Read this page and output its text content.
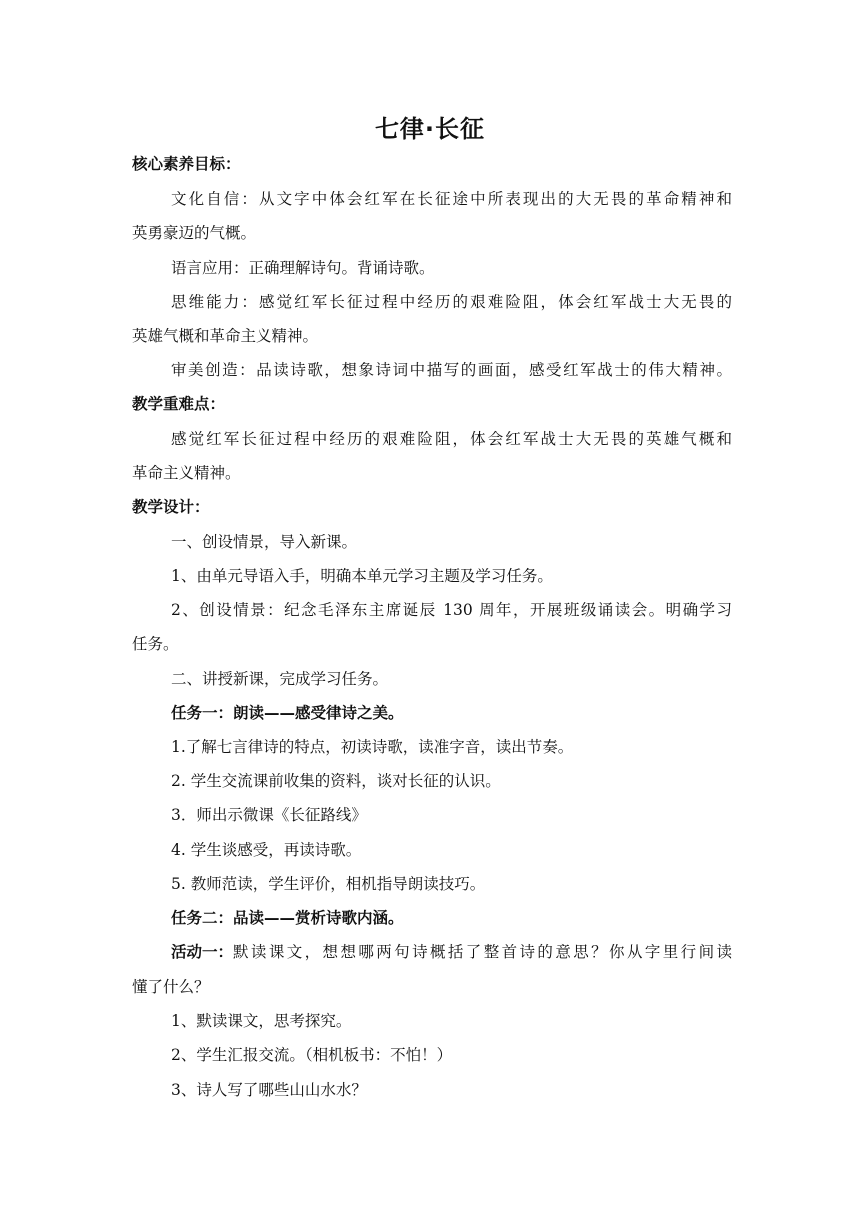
七律·长征
核心素养目标：
文化自信：从文字中体会红军在长征途中所表现出的大无畏的革命精神和
英勇豪迈的气概。
语言应用：正确理解诗句。背诵诗歌。
思维能力：感觉红军长征过程中经历的艰难险阻，体会红军战士大无畏的
英雄气概和革命主义精神。
审美创造：品读诗歌，想象诗词中描写的画面，感受红军战士的伟大精神。
教学重难点：
感觉红军长征过程中经历的艰难险阻，体会红军战士大无畏的英雄气概和
革命主义精神。
教学设计：
一、创设情景，导入新课。
1、由单元导语入手，明确本单元学习主题及学习任务。
2、创设情景：纪念毛泽东主席诞辰 130 周年，开展班级诵读会。明确学习
任务。
二、讲授新课，完成学习任务。
任务一：朗读——感受律诗之美。
1.了解七言律诗的特点，初读诗歌，读准字音，读出节奏。
2. 学生交流课前收集的资料，谈对长征的认识。
3．师出示微课《长征路线》
4. 学生谈感受，再读诗歌。
5. 教师范读，学生评价，相机指导朗读技巧。
任务二：品读——赏析诗歌内涵。
活动一： 默读课文，想想哪两句诗概括了整首诗的意思？你从字里行间读
懂了什么？
1、默读课文，思考探究。
2、学生汇报交流。（相机板书：不怕！）
3、诗人写了哪些山山水水？
